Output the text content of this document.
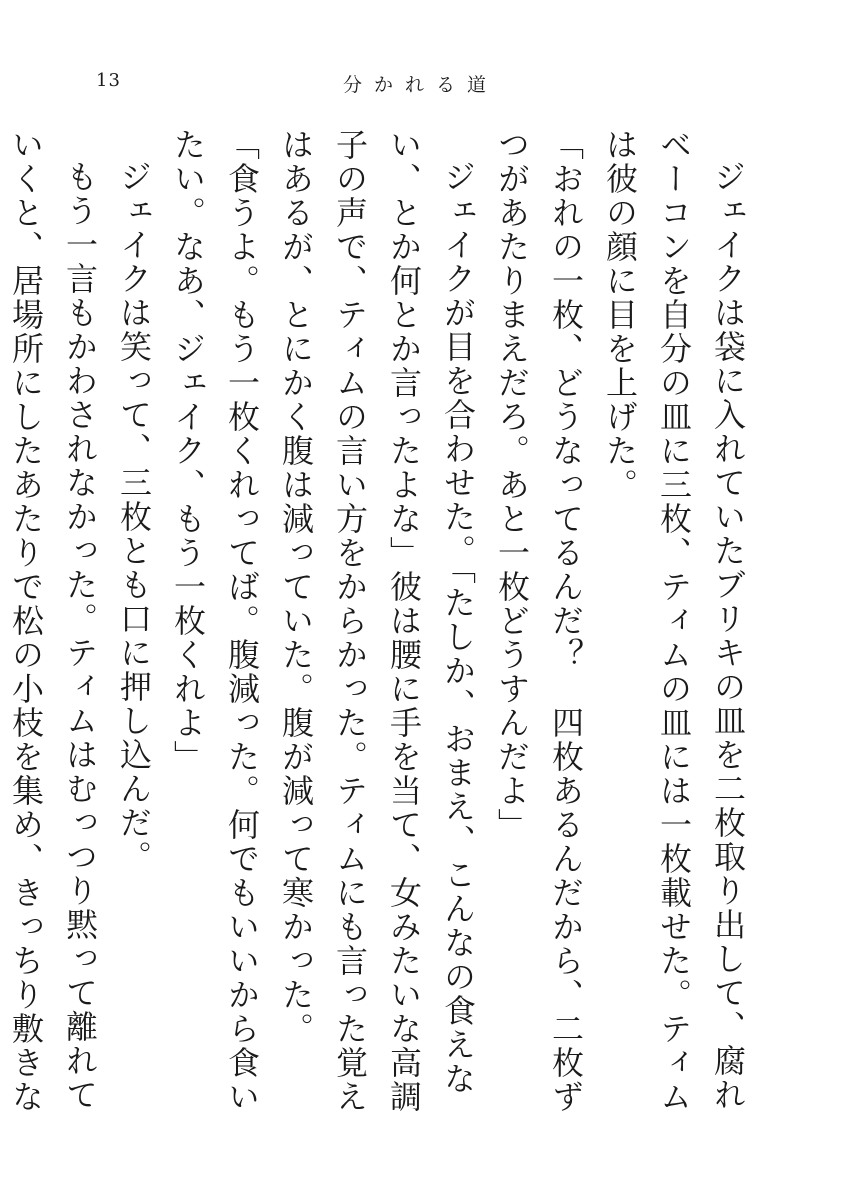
13	分かれる道

ジェイクは袋に入れていたブリキの皿を二枚取り出して、腐れベーコンを自分の皿に三枚、ティムの皿には一枚載せた。ティムは彼の顔に目を上げた。

「おれの一枚、どうなってるんだ？　四枚あるんだから、二枚ずつがあたりまえだろ。あと一枚どうすんだよ」

ジェイクが目を合わせた。「たしか、おまえ、こんなの食えない、とか何とか言ったよな」彼は腰に手を当て、女みたいな高調子の声で、ティムの言い方をからかった。ティムにも言った覚えはあるが、とにかく腹は減っていた。腹が減って寒かった。

「食うよ。もう一枚くれってば。腹減った。何でもいいから食いたい。なあ、ジェイク、もう一枚くれよ」

ジェイクは笑って、三枚とも口に押し込んだ。

もう一言もかわされなかった。ティムはむっつり黙って離れていくと、居場所にしたあたりで松の小枝を集め、きっちり敷きな
